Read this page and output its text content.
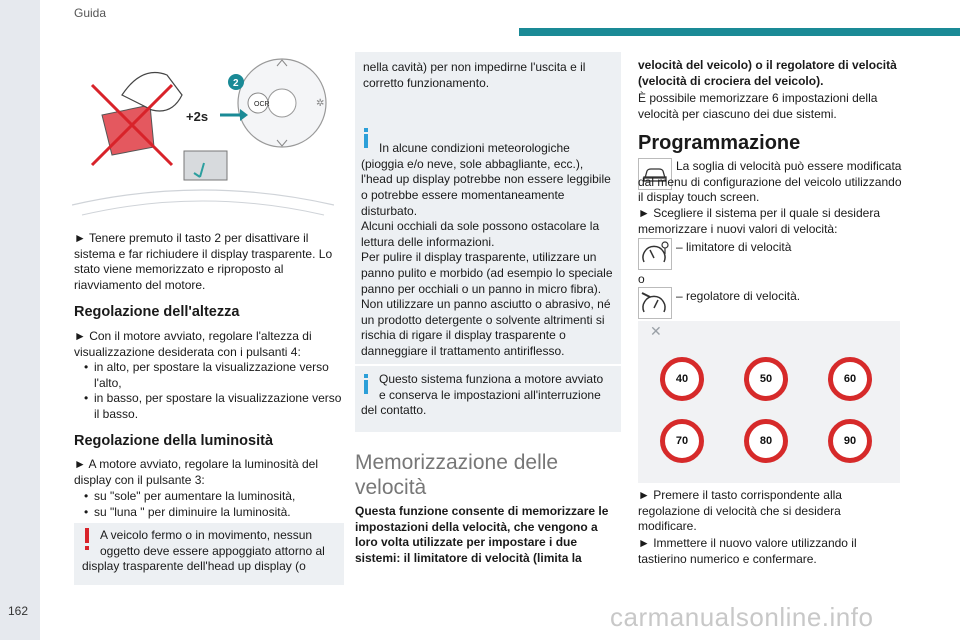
Guida
162
OCR	✲
2
+2s

► Tenere premuto il tasto 2 per disattivare il sistema e far richiudere il display trasparente. Lo stato viene memorizzato e riproposto al riavviamento del motore.

Regolazione dell'altezza

► Con il motore avviato, regolare l'altezza di visualizzazione desiderata con i pulsanti 4:

• in alto, per spostare la visualizzazione verso l'alto,

• in basso, per spostare la visualizzazione verso il basso.

Regolazione della luminosità

► A motore avviato, regolare la luminosità del display con il pulsante 3:

• su "sole" per aumentare la luminosità,

• su "luna " per diminuire la luminosità.

A veicolo fermo o in movimento, nessun oggetto deve essere appoggiato attorno al display trasparente dell'head up display (o
nella cavità) per non impedirne l'uscita e il corretto funzionamento.

In alcune condizioni meteorologiche (pioggia e/o neve, sole abbagliante, ecc.), l'head up display potrebbe non essere leggibile o potrebbe essere momentaneamente disturbato.
Alcuni occhiali da sole possono ostacolare la lettura delle informazioni.
Per pulire il display trasparente, utilizzare un panno pulito e morbido (ad esempio lo speciale panno per occhiali o un panno in micro fibra). Non utilizzare un panno asciutto o abrasivo, né un prodotto detergente o solvente altrimenti si rischia di rigare il display trasparente o danneggiare il trattamento antiriflesso.

Questo sistema funziona a motore avviato e conserva le impostazioni all'interruzione del contatto.
Memorizzazione delle velocità

Questa funzione consente di memorizzare le impostazioni della velocità, che vengono a loro volta utilizzate per impostare i due sistemi: il limitatore di velocità (limita la

velocità del veicolo) o il regolatore di velocità (velocità di crociera del veicolo).

È possibile memorizzare 6 impostazioni della velocità per ciascuno dei due sistemi.

Programmazione

La soglia di velocità può essere modificata dal menu di configurazione del veicolo utilizzando il display touch screen.

► Scegliere il sistema per il quale si desidera memorizzare i nuovi valori di velocità:

– limitatore di velocità

o

– regolatore di velocità.

✕
40	50	60
70	80	90

► Premere il tasto corrispondente alla regolazione di velocità che si desidera modificare.

► Immettere il nuovo valore utilizzando il tastierino numerico e confermare.

carmanualsonline.info
